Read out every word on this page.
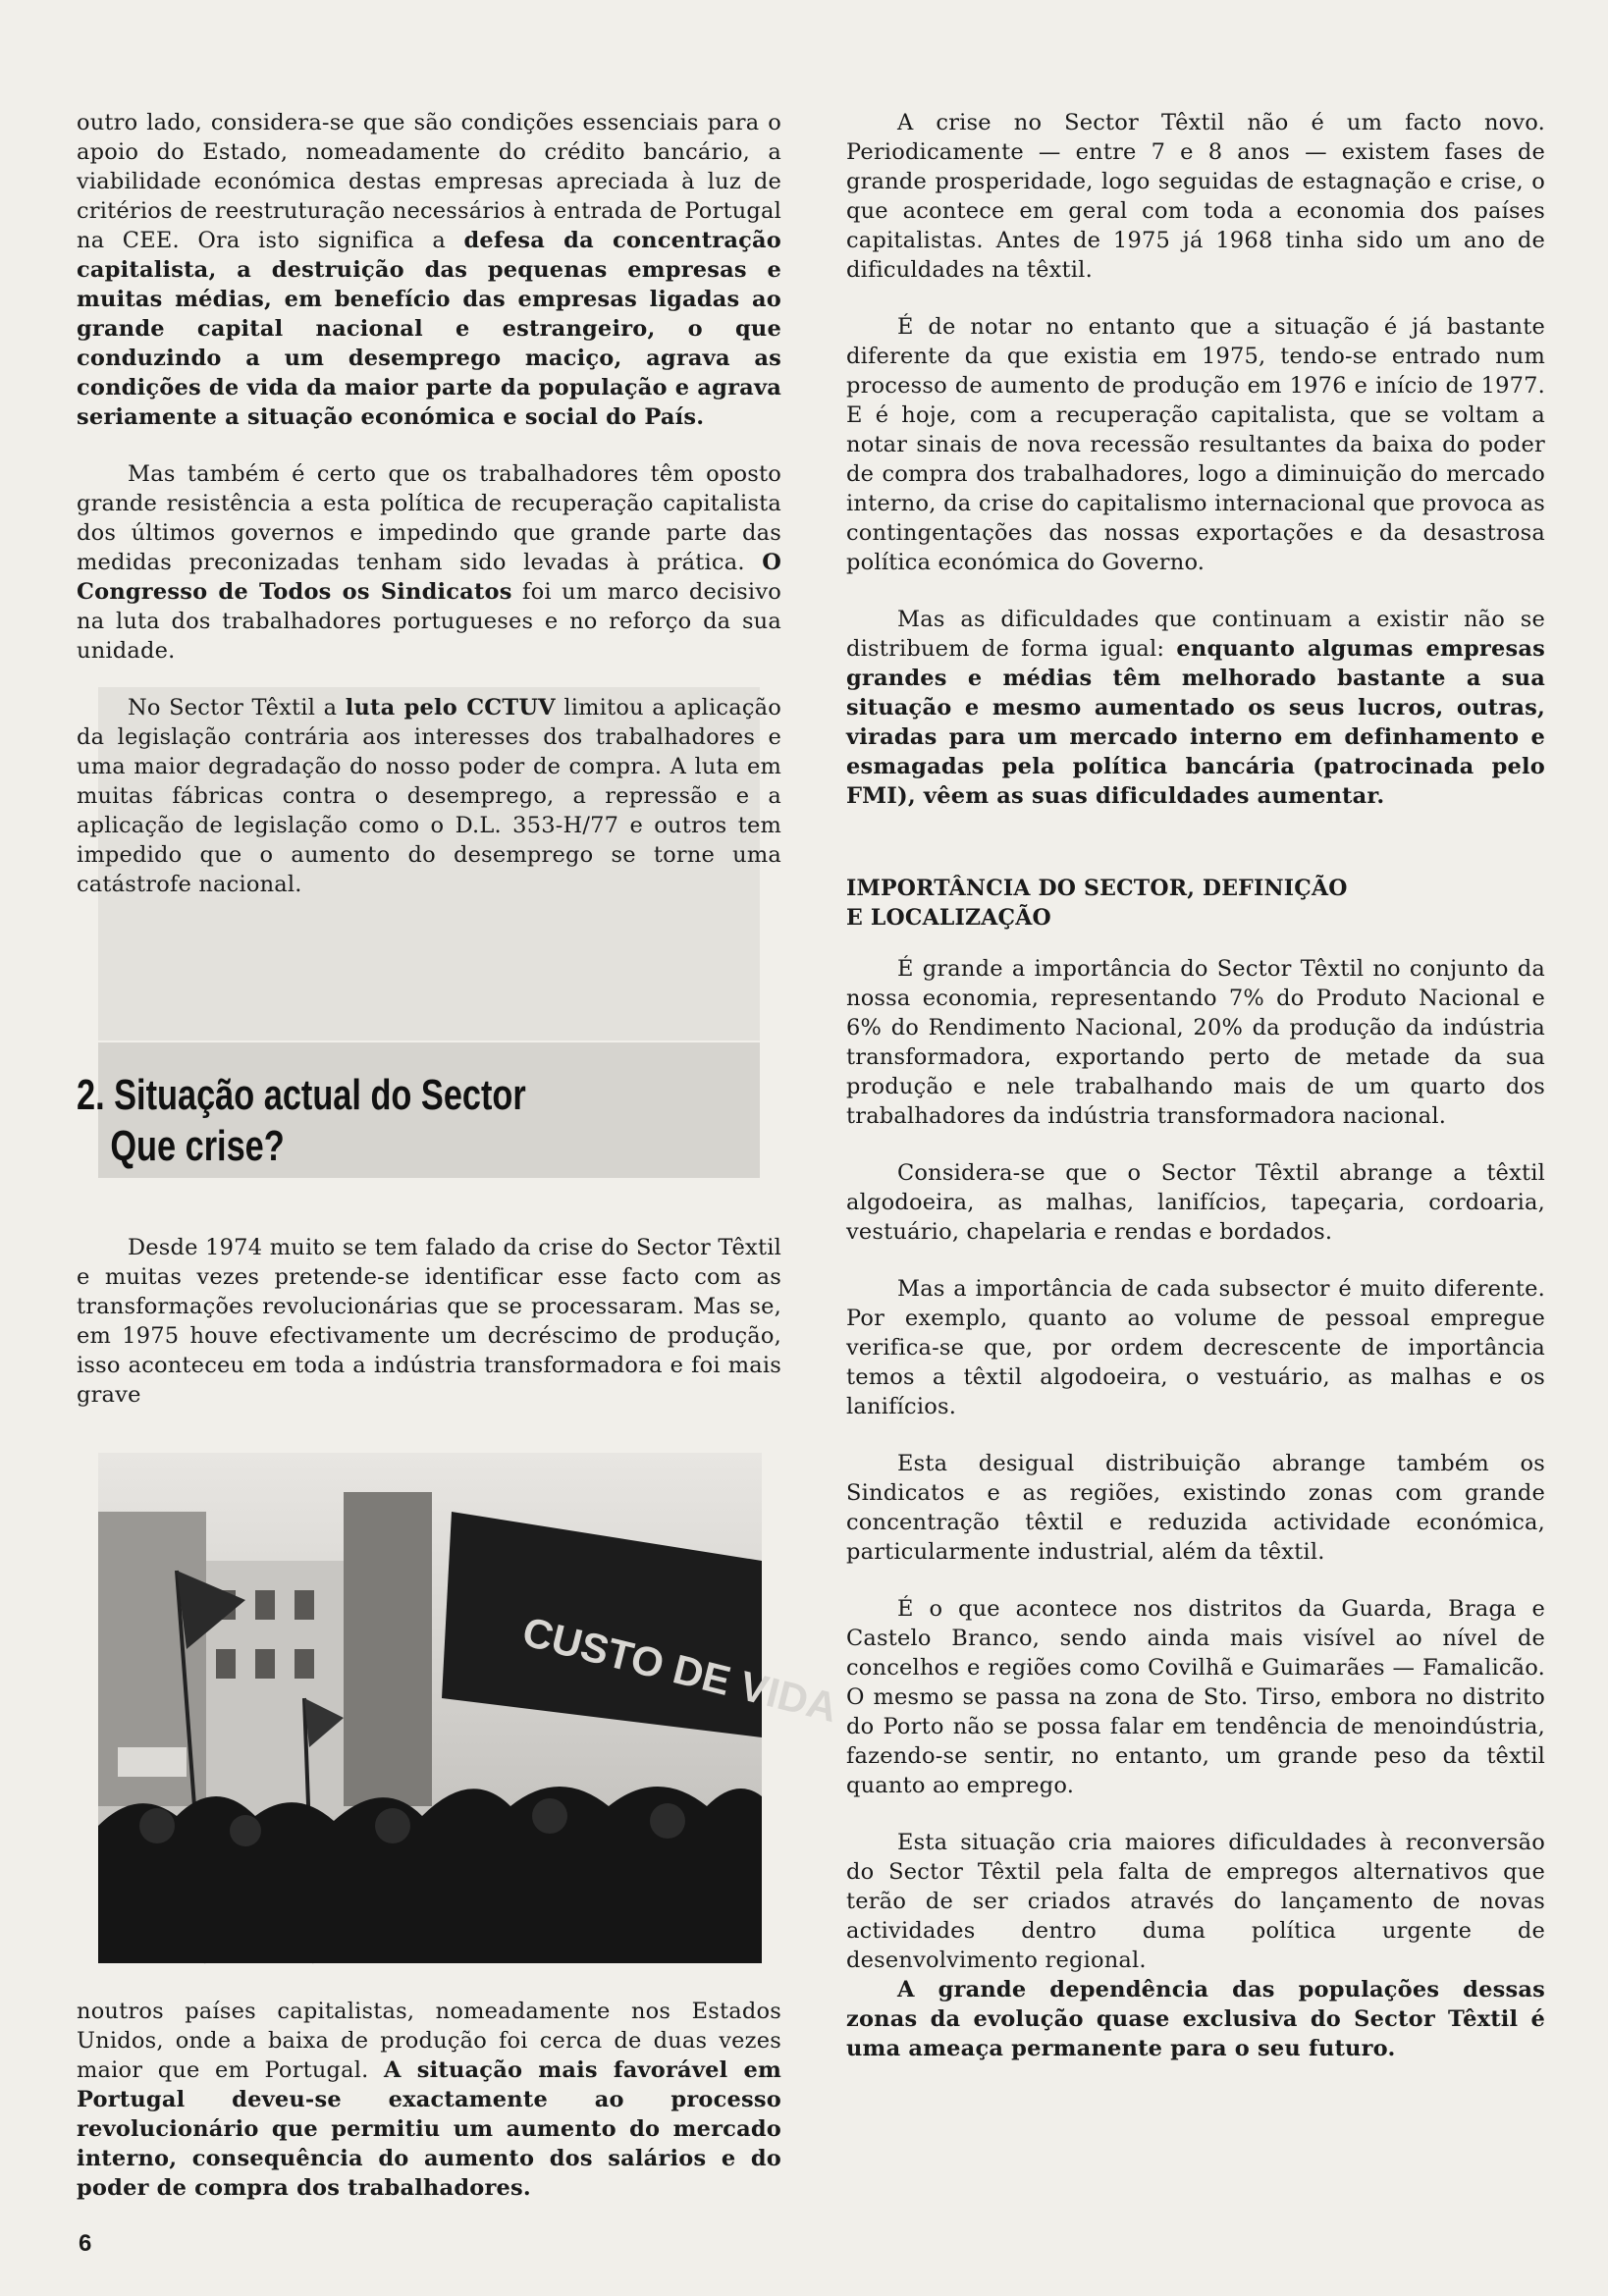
outro lado, considera-se que são condições essenciais para o apoio do Estado, nomeadamente do crédito bancário, a viabilidade económica destas empresas apreciada à luz de critérios de reestruturação necessários à entrada de Portugal na CEE. Ora isto significa a defesa da concentração capitalista, a destruição das pequenas empresas e muitas médias, em benefício das empresas ligadas ao grande capital nacional e estrangeiro, o que conduzindo a um desemprego maciço, agrava as condições de vida da maior parte da população e agrava seriamente a situação económica e social do País.

Mas também é certo que os trabalhadores têm oposto grande resistência a esta política de recuperação capitalista dos últimos governos e impedindo que grande parte das medidas preconizadas tenham sido levadas à prática. O Congresso de Todos os Sindicatos foi um marco decisivo na luta dos trabalhadores portugueses e no reforço da sua unidade.

No Sector Têxtil a luta pelo CCTUV limitou a aplicação da legislação contrária aos interesses dos trabalhadores e uma maior degradação do nosso poder de compra. A luta em muitas fábricas contra o desemprego, a repressão e a aplicação de legislação como o D.L. 353-H/77 e outros tem impedido que o aumento do desemprego se torne uma catástrofe nacional.

2. Situação actual do Sector
Que crise?

Desde 1974 muito se tem falado da crise do Sector Têxtil e muitas vezes pretende-se identificar esse facto com as transformações revolucionárias que se processaram. Mas se, em 1975 houve efectivamente um decréscimo de produção, isso aconteceu em toda a indústria transformadora e foi mais grave

CUSTO DE VIDA

noutros países capitalistas, nomeadamente nos Estados Unidos, onde a baixa de produção foi cerca de duas vezes maior que em Portugal. A situação mais favorável em Portugal deveu-se exactamente ao processo revolucionário que permitiu um aumento do mercado interno, consequência do aumento dos salários e do poder de compra dos trabalhadores.

A crise no Sector Têxtil não é um facto novo. Periodicamente — entre 7 e 8 anos — existem fases de grande prosperidade, logo seguidas de estagnação e crise, o que acontece em geral com toda a economia dos países capitalistas. Antes de 1975 já 1968 tinha sido um ano de dificuldades na têxtil.

É de notar no entanto que a situação é já bastante diferente da que existia em 1975, tendo-se entrado num processo de aumento de produção em 1976 e início de 1977. E é hoje, com a recuperação capitalista, que se voltam a notar sinais de nova recessão resultantes da baixa do poder de compra dos trabalhadores, logo a diminuição do mercado interno, da crise do capitalismo internacional que provoca as contingentações das nossas exportações e da desastrosa política económica do Governo.

Mas as dificuldades que continuam a existir não se distribuem de forma igual: enquanto algumas empresas grandes e médias têm melhorado bastante a sua situação e mesmo aumentado os seus lucros, outras, viradas para um mercado interno em definhamento e esmagadas pela política bancária (patrocinada pelo FMI), vêem as suas dificuldades aumentar.

IMPORTÂNCIA DO SECTOR, DEFINIÇÃO
E LOCALIZAÇÃO

É grande a importância do Sector Têxtil no conjunto da nossa economia, representando 7% do Produto Nacional e 6% do Rendimento Nacional, 20% da produção da indústria transformadora, exportando perto de metade da sua produção e nele trabalhando mais de um quarto dos trabalhadores da indústria transformadora nacional.

Considera-se que o Sector Têxtil abrange a têxtil algodoeira, as malhas, lanifícios, tapeçaria, cordoaria, vestuário, chapelaria e rendas e bordados.

Mas a importância de cada subsector é muito diferente. Por exemplo, quanto ao volume de pessoal empregue verifica-se que, por ordem decrescente de importância temos a têxtil algodoeira, o vestuário, as malhas e os lanifícios.

Esta desigual distribuição abrange também os Sindicatos e as regiões, existindo zonas com grande concentração têxtil e reduzida actividade económica, particularmente industrial, além da têxtil.

É o que acontece nos distritos da Guarda, Braga e Castelo Branco, sendo ainda mais visível ao nível de concelhos e regiões como Covilhã e Guimarães — Famalicão. O mesmo se passa na zona de Sto. Tirso, embora no distrito do Porto não se possa falar em tendência de menoindústria, fazendo-se sentir, no entanto, um grande peso da têxtil quanto ao emprego.

Esta situação cria maiores dificuldades à reconversão do Sector Têxtil pela falta de empregos alternativos que terão de ser criados através do lançamento de novas actividades dentro duma política urgente de desenvolvimento regional.

A grande dependência das populações dessas zonas da evolução quase exclusiva do Sector Têxtil é uma ameaça permanente para o seu futuro.

6
